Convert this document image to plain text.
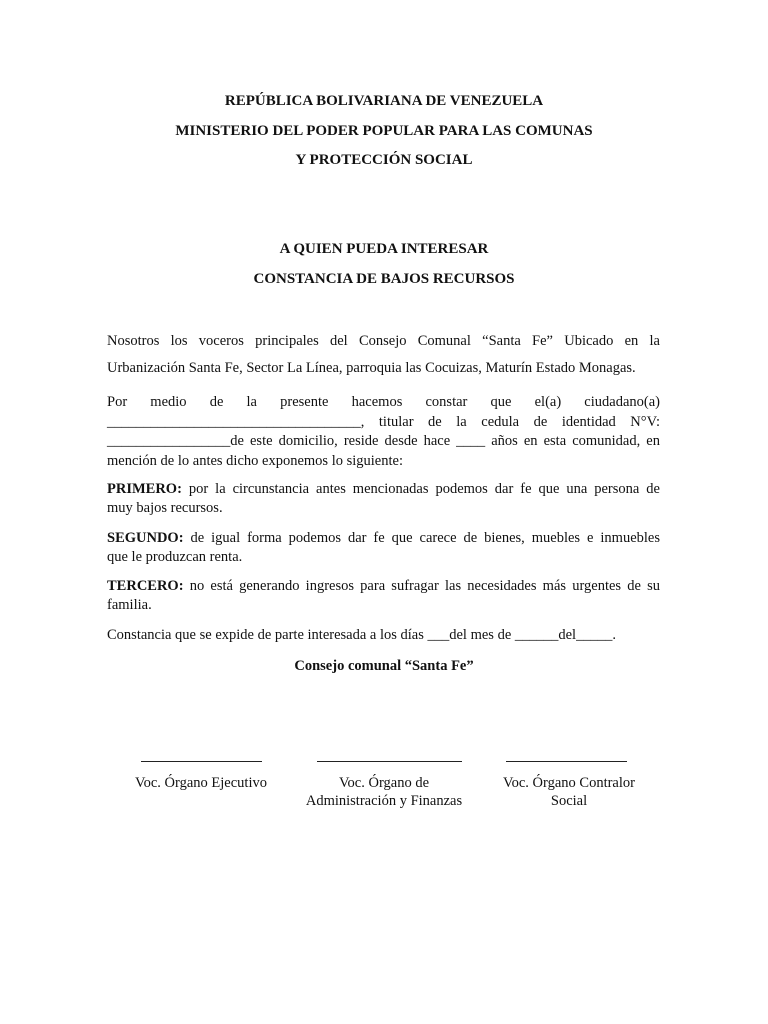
REPÚBLICA BOLIVARIANA DE VENEZUELA
MINISTERIO DEL PODER POPULAR PARA LAS COMUNAS
Y PROTECCIÓN SOCIAL
A QUIEN PUEDA INTERESAR
CONSTANCIA DE BAJOS RECURSOS
Nosotros los voceros principales del Consejo Comunal “Santa Fe” Ubicado en la
Urbanización Santa Fe, Sector La Línea, parroquia las Cocuizas, Maturín Estado Monagas.
Por medio de la presente hacemos constar que el(a) ciudadano(a)
___________________________________, titular de la cedula de identidad N°V:
_________________de este domicilio, reside desde hace ____ años en esta comunidad, en
mención de lo antes dicho exponemos lo siguiente:
PRIMERO: por la circunstancia antes mencionadas podemos dar fe que una persona de
muy bajos recursos.
SEGUNDO: de igual forma podemos dar fe que carece de bienes, muebles e inmuebles
que le produzcan renta.
TERCERO: no está generando ingresos para sufragar las necesidades más urgentes de su
familia.
Constancia que se expide de parte interesada a los días ___del mes de ______del_____.
Consejo comunal “Santa Fe”
Voc. Órgano Ejecutivo	Voc. Órgano de
Administración y Finanzas
Voc. Órgano Contralor
Social
